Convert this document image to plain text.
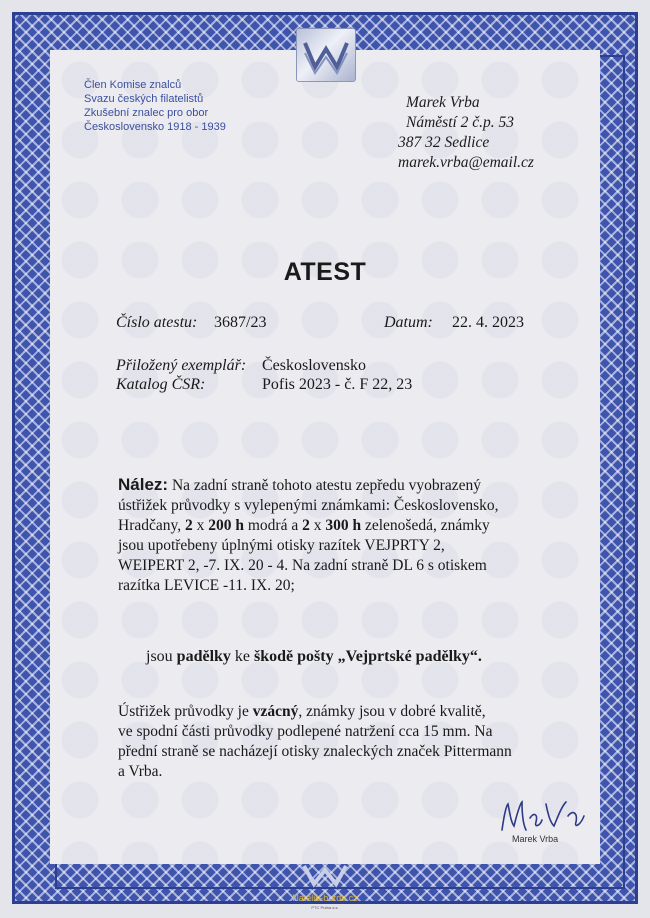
Člen Komise znalců
Svazu českých filatelistů
Zkušební znalec pro obor
Československo 1918 - 1939
Marek Vrba
Náměstí 2 č.p. 53
387 32 Sedlice
marek.vrba@email.cz
ATEST
Číslo atestu: 3687/23	Datum: 22. 4. 2023
Přiložený exemplář: Československo
Katalog ČSR:	Pofis 2023 - č. F 22, 23
Nález: Na zadní straně tohoto atestu zepředu vyobrazený
ústřižek průvodky s vylepenými známkami: Československo,
Hradčany, 2 x 200 h modrá a 2 x 300 h zelenošedá, známky
jsou upotřebeny úplnými otisky razítek VEJPRTY 2,
WEIPERT 2, -7. IX. 20 - 4. Na zadní straně DL 6 s otiskem
razítka LEVICE -11. IX. 20;
jsou padělky ke škodě pošty „Vejprtské padělky“.
Ústřižek průvodky je vzácný, známky jsou v dobré kvalitě,
ve spodní části průvodky podlepené natržení cca 15 mm. Na
přední straně se nacházejí otisky znaleckých značek Pittermann
a Vrba.
Marek Vrba
filatelie-burda.cz
PTC Praha a.s.
